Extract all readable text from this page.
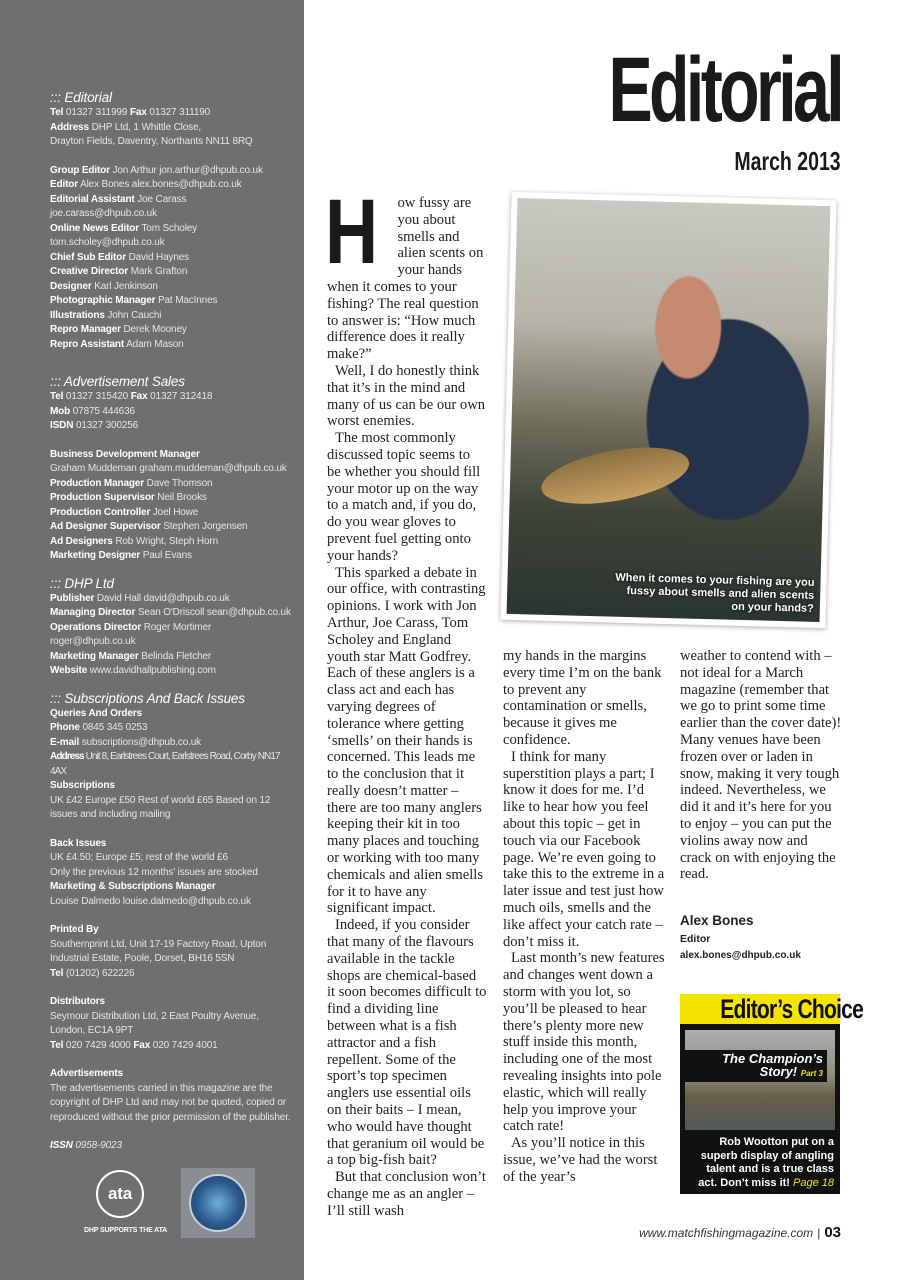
::: Editorial
Tel 01327 311999 Fax 01327 311190
Address DHP Ltd, 1 Whittle Close,
Drayton Fields, Daventry, Northants NN11 8RQ
Group Editor Jon Arthur jon.arthur@dhpub.co.uk
Editor Alex Bones alex.bones@dhpub.co.uk
Editorial Assistant Joe Carass joe.carass@dhpub.co.uk
Online News Editor Tom Scholey tom.scholey@dhpub.co.uk
Chief Sub Editor David Haynes
Creative Director Mark Grafton
Designer Karl Jenkinson
Photographic Manager Pat MacInnes
Illustrations John Cauchi
Repro Manager Derek Mooney
Repro Assistant Adam Mason
::: Advertisement Sales
Tel 01327 315420 Fax 01327 312418
Mob 07875 444636
ISDN 01327 300256
Business Development Manager
Graham Muddeman graham.muddeman@dhpub.co.uk
Production Manager Dave Thomson
Production Supervisor Neil Brooks
Production Controller Joel Howe
Ad Designer Supervisor Stephen Jorgensen
Ad Designers Rob Wright, Steph Horn
Marketing Designer Paul Evans
::: DHP Ltd
Publisher David Hall david@dhpub.co.uk
Managing Director Sean O'Driscoll sean@dhpub.co.uk
Operations Director Roger Mortimer roger@dhpub.co.uk
Marketing Manager Belinda Fletcher
Website www.davidhallpublishing.com
::: Subscriptions And Back Issues
Queries And Orders
Phone 0845 345 0253
E-mail subscriptions@dhpub.co.uk
Address Unit 8, Earlstrees Court, Earlstrees Road, Corby NN17 4AX
Subscriptions
UK £42 Europe £50 Rest of world £65 Based on 12 issues and including mailing
Back Issues
UK £4.50; Europe £5; rest of the world £6
Only the previous 12 months' issues are stocked
Marketing & Subscriptions Manager
Louise Dalmedo louise.dalmedo@dhpub.co.uk
Printed By
Southernprint Ltd, Unit 17-19 Factory Road, Upton Industrial Estate, Poole, Dorset, BH16 5SN
Tel (01202) 622226
Distributors
Seymour Distribution Ltd, 2 East Poultry Avenue, London, EC1A 9PT
Tel 020 7429 4000 Fax 020 7429 4001
Advertisements
The advertisements carried in this magazine are the copyright of DHP Ltd and may not be quoted, copied or reproduced without the prior permission of the publisher.
ISSN 0958-9023
ata
DHP SUPPORTS THE ATA
Editorial
March 2013

H ow fussy are you about smells and alien scents on your hands when it comes to your fishing? The real question to answer is: “How much difference does it really make?”

Well, I do honestly think that it’s in the mind and many of us can be our own worst enemies.

The most commonly discussed topic seems to be whether you should fill your motor up on the way to a match and, if you do, do you wear gloves to prevent fuel getting onto your hands?

This sparked a debate in our office, with contrasting opinions. I work with Jon Arthur, Joe Carass, Tom Scholey and England youth star Matt Godfrey. Each of these anglers is a class act and each has varying degrees of tolerance where getting ‘smells’ on their hands is concerned. This leads me to the conclusion that it really doesn’t matter – there are too many anglers keeping their kit in too many places and touching or working with too many chemicals and alien smells for it to have any significant impact.

Indeed, if you consider that many of the flavours available in the tackle shops are chemical-based it soon becomes difficult to find a dividing line between what is a fish attractor and a fish repellent. Some of the sport’s top specimen anglers use essential oils on their baits – I mean, who would have thought that geranium oil would be a top big-fish bait?

But that conclusion won’t change me as an angler – I’ll still wash

my hands in the margins every time I’m on the bank to prevent any contamination or smells, because it gives me confidence.

I think for many superstition plays a part; I know it does for me. I’d like to hear how you feel about this topic – get in touch via our Facebook page. We’re even going to take this to the extreme in a later issue and test just how much oils, smells and the like affect your catch rate – don’t miss it.

Last month’s new features and changes went down a storm with you lot, so you’ll be pleased to hear there’s plenty more new stuff inside this month, including one of the most revealing insights into pole elastic, which will really help you improve your catch rate!

As you’ll notice in this issue, we’ve had the worst of the year’s

weather to contend with – not ideal for a March magazine (remember that we go to print some time earlier than the cover date)! Many venues have been frozen over or laden in snow, making it very tough indeed. Nevertheless, we did it and it’s here for you to enjoy – you can put the violins away now and crack on with enjoying the read.

When it comes to your fishing are you fussy about smells and alien scents on your hands?
Alex Bones
Editor
alex.bones@dhpub.co.uk
Editor’s Choice
The Champion’s Story! Part 3
Rob Wootton put on a superb display of angling talent and is a true class act. Don’t miss it! Page 18
www.matchfishingmagazine.com | 03
